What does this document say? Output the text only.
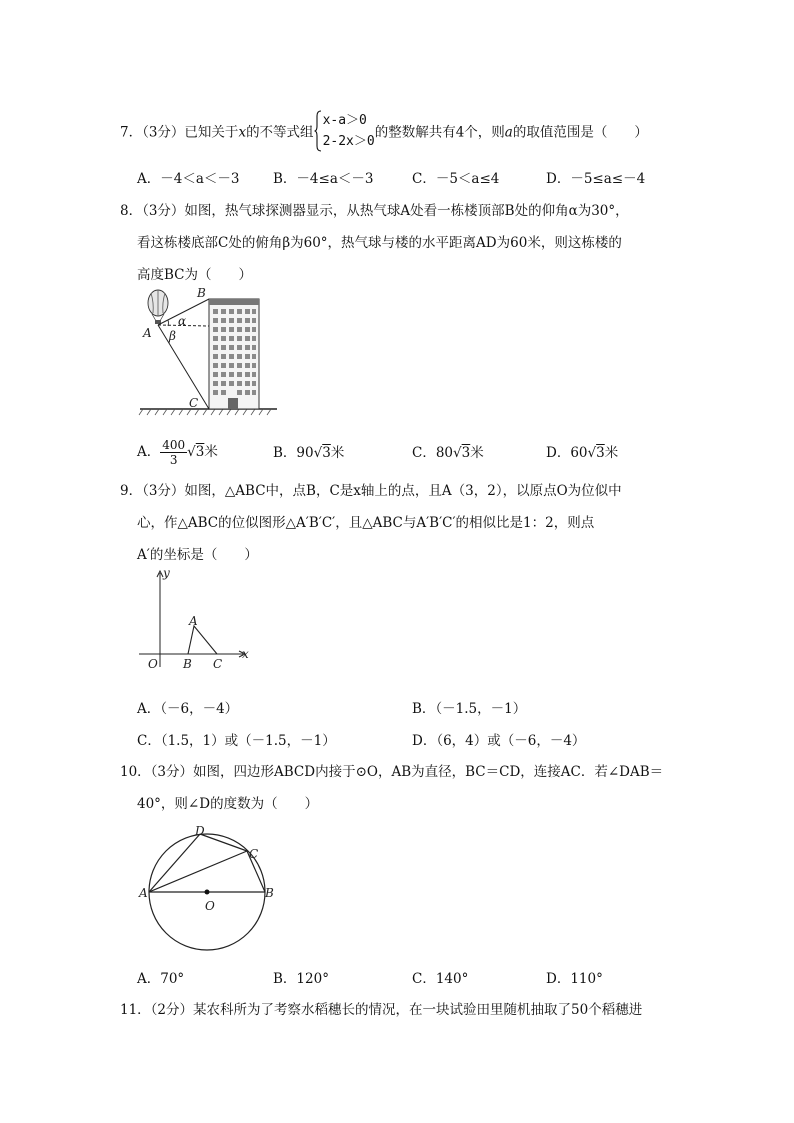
7．（3分）已知关于x的不等式组
x-a＞0
2-2x＞0
的整数解共有4个，则a的取值范围是（　　）
A．－4＜a＜－3 B．－4≤a＜－3	C．－5＜a≤4	D．－5≤a≤－4
8．（3分）如图，热气球探测器显示，从热气球A处看一栋楼顶部B处的仰角α为30°，
看这栋楼底部C处的俯角β为60°，热气球与楼的水平距离AD为60米，则这栋楼的
高度BC为（　　）
A
B
C
α
β
A． $\frac{400}{3} √3$米	B．90√3米	C．80√3米	D．60√3米
9．（3分）如图，△ABC中，点B，C是x轴上的点，且A（3，2），以原点O为位似中
心，作△ABC的位似图形△A′B′C′，且△ABC与A′B′C′的相似比是1：2，则点
A′的坐标是（　　）
y
x
O
A
B C
A．（－6，－4）	B．（－1.5，－1）
C．（1.5，1）或（－1.5，－1）	D．（6，4）或（－6，－4）
10．（3分）如图，四边形ABCD内接于⊙O，AB为直径，BC＝CD，连接AC．若∠DAB＝
40°，则∠D的度数为（　　）
A	B
C
D
O
A．70°	B．120°	C．140°	D．110°
11．（2分）某农科所为了考察水稻穗长的情况，在一块试验田里随机抽取了50个稻穗进
